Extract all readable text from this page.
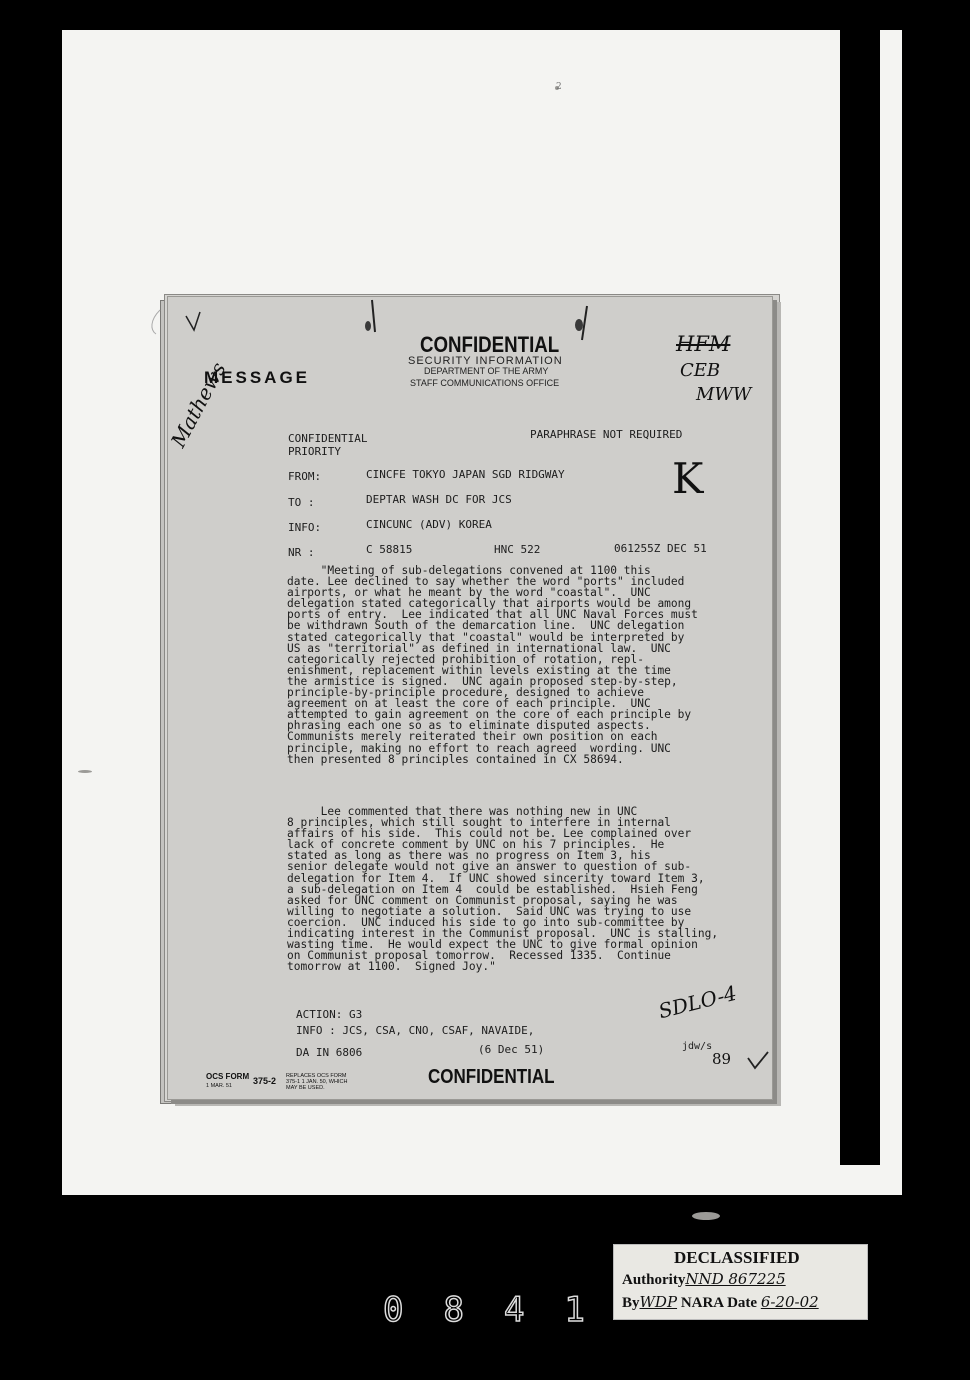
CONFIDENTIAL
SECURITY INFORMATION
DEPARTMENT OF THE ARMY
STAFF COMMUNICATIONS OFFICE
MESSAGE
CONFIDENTIAL
PRIORITY
PARAPHRASE NOT REQUIRED
FROM:	CINCFE TOKYO JAPAN SGD RIDGWAY
TO :	DEPTAR WASH DC FOR JCS
INFO:	CINCUNC (ADV) KOREA
NR :	C 58815	HNC 522	061255Z DEC 51
"Meeting of sub-delegations convened at 1100 this
date. Lee declined to say whether the word "ports" included
airports, or what he meant by the word "coastal".  UNC
delegation stated categorically that airports would be among
ports of entry.  Lee indicated that all UNC Naval Forces must
be withdrawn South of the demarcation line.  UNC delegation
stated categorically that "coastal" would be interpreted by
US as "territorial" as defined in international law.  UNC
categorically rejected prohibition of rotation, repl-
enishment, replacement within levels existing at the time
the armistice is signed.  UNC again proposed step-by-step,
principle-by-principle procedure, designed to achieve
agreement on at least the core of each principle.  UNC
attempted to gain agreement on the core of each principle by
phrasing each one so as to eliminate disputed aspects.
Communists merely reiterated their own position on each
principle, making no effort to reach agreed  wording. UNC
then presented 8 principles contained in CX 58694.
Lee commented that there was nothing new in UNC
8 principles, which still sought to interfere in internal
affairs of his side.  This could not be. Lee complained over
lack of concrete comment by UNC on his 7 principles.  He
stated as long as there was no progress on Item 3, his
senior delegate would not give an answer to question of sub-
delegation for Item 4.  If UNC showed sincerity toward Item 3,
a sub-delegation on Item 4  could be established.  Hsieh Feng
asked for UNC comment on Communist proposal, saying he was
willing to negotiate a solution.  Said UNC was trying to use
coercion.  UNC induced his side to go into sub-committee by
indicating interest in the Communist proposal.  UNC is stalling,
wasting time.  He would expect the UNC to give formal opinion
on Communist proposal tomorrow.  Recessed 1335.  Continue
tomorrow at 1100.  Signed Joy."
ACTION: G3
INFO : JCS, CSA, CNO, CSAF, NAVAIDE,
DA IN 6806	(6 Dec 51)	jdw/s
89
OCS FORM
1 MAR. 51	375-2 REPLACES OCS FORM
375-1 1 JAN. 50, WHICH
MAY BE USED.	CONFIDENTIAL
HFM
CEB
MWW
Mathews
K
SDLO-4
2
DECLASSIFIED
AuthorityNND 867225
ByWDP NARA Date 6-20-02
0841
